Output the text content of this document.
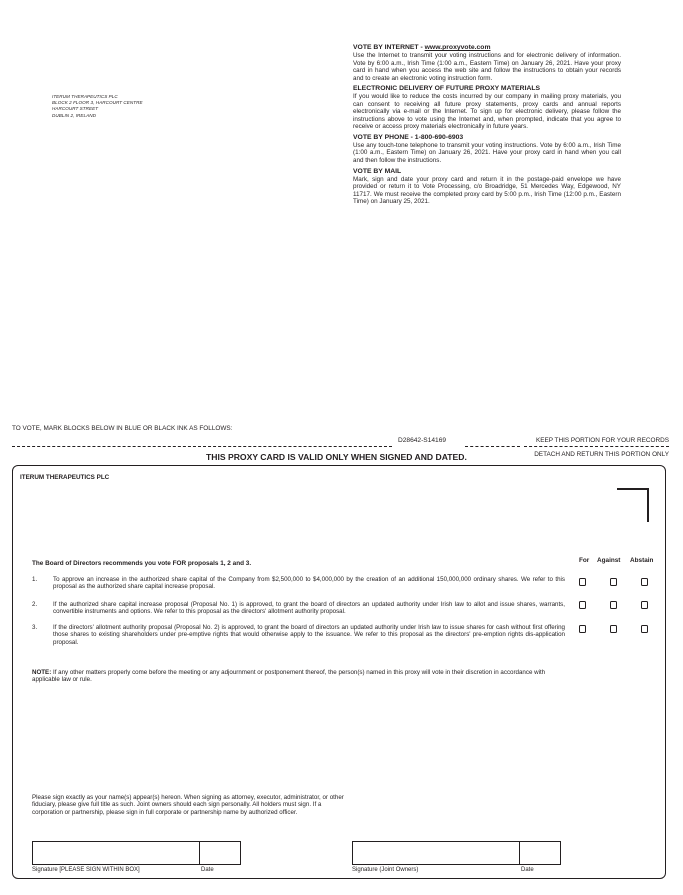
ITERUM THERAPEUTICS PLC
BLOCK 2 FLOOR 3, HARCOURT CENTRE
HARCOURT STREET
DUBLIN 2, IRELAND
VOTE BY INTERNET - www.proxyvote.com

Use the Internet to transmit your voting instructions and for electronic delivery of information. Vote by 6:00 a.m., Irish Time (1:00 a.m., Eastern Time) on January 26, 2021. Have your proxy card in hand when you access the web site and follow the instructions to obtain your records and to create an electronic voting instruction form.

ELECTRONIC DELIVERY OF FUTURE PROXY MATERIALS

If you would like to reduce the costs incurred by our company in mailing proxy materials, you can consent to receiving all future proxy statements, proxy cards and annual reports electronically via e-mail or the Internet. To sign up for electronic delivery, please follow the instructions above to vote using the Internet and, when prompted, indicate that you agree to receive or access proxy materials electronically in future years.

VOTE BY PHONE - 1-800-690-6903

Use any touch-tone telephone to transmit your voting instructions. Vote by 6:00 a.m., Irish Time (1:00 a.m., Eastern Time) on January 26, 2021. Have your proxy card in hand when you call and then follow the instructions.

VOTE BY MAIL

Mark, sign and date your proxy card and return it in the postage-paid envelope we have provided or return it to Vote Processing, c/o Broadridge, 51 Mercedes Way, Edgewood, NY 11717. We must receive the completed proxy card by 5:00 p.m., Irish Time (12:00 p.m., Eastern Time) on January 25, 2021.

TO VOTE, MARK BLOCKS BELOW IN BLUE OR BLACK INK AS FOLLOWS:
D28642-S14169	KEEP THIS PORTION FOR YOUR RECORDS
THIS PROXY CARD IS VALID ONLY WHEN SIGNED AND DATED.	DETACH AND RETURN THIS PORTION ONLY
ITERUM THERAPEUTICS PLC
The Board of Directors recommends you vote FOR proposals 1, 2 and 3.	For Against Abstain
1.	To approve an increase in the authorized share capital of the Company from $2,500,000 to $4,000,000 by the creation of an additional 150,000,000 ordinary shares. We refer to this proposal as the authorized share capital increase proposal.
2.	If the authorized share capital increase proposal (Proposal No. 1) is approved, to grant the board of directors an updated authority under Irish law to allot and issue shares, warrants, convertible instruments and options. We refer to this proposal as the directors' allotment authority proposal.
3.	If the directors' allotment authority proposal (Proposal No. 2) is approved, to grant the board of directors an updated authority under Irish law to issue shares for cash without first offering those shares to existing shareholders under pre-emptive rights that would otherwise apply to the issuance. We refer to this proposal as the directors' pre-emption rights dis-application proposal.
NOTE: If any other matters properly come before the meeting or any adjournment or postponement thereof, the person(s) named in this proxy will vote in their discretion in accordance with applicable law or rule.
Please sign exactly as your name(s) appear(s) hereon. When signing as attorney, executor, administrator, or other fiduciary, please give full title as such. Joint owners should each sign personally. All holders must sign. If a corporation or partnership, please sign in full corporate or partnership name by authorized officer.
Signature [PLEASE SIGN WITHIN BOX]	Date	Signature (Joint Owners)	Date
